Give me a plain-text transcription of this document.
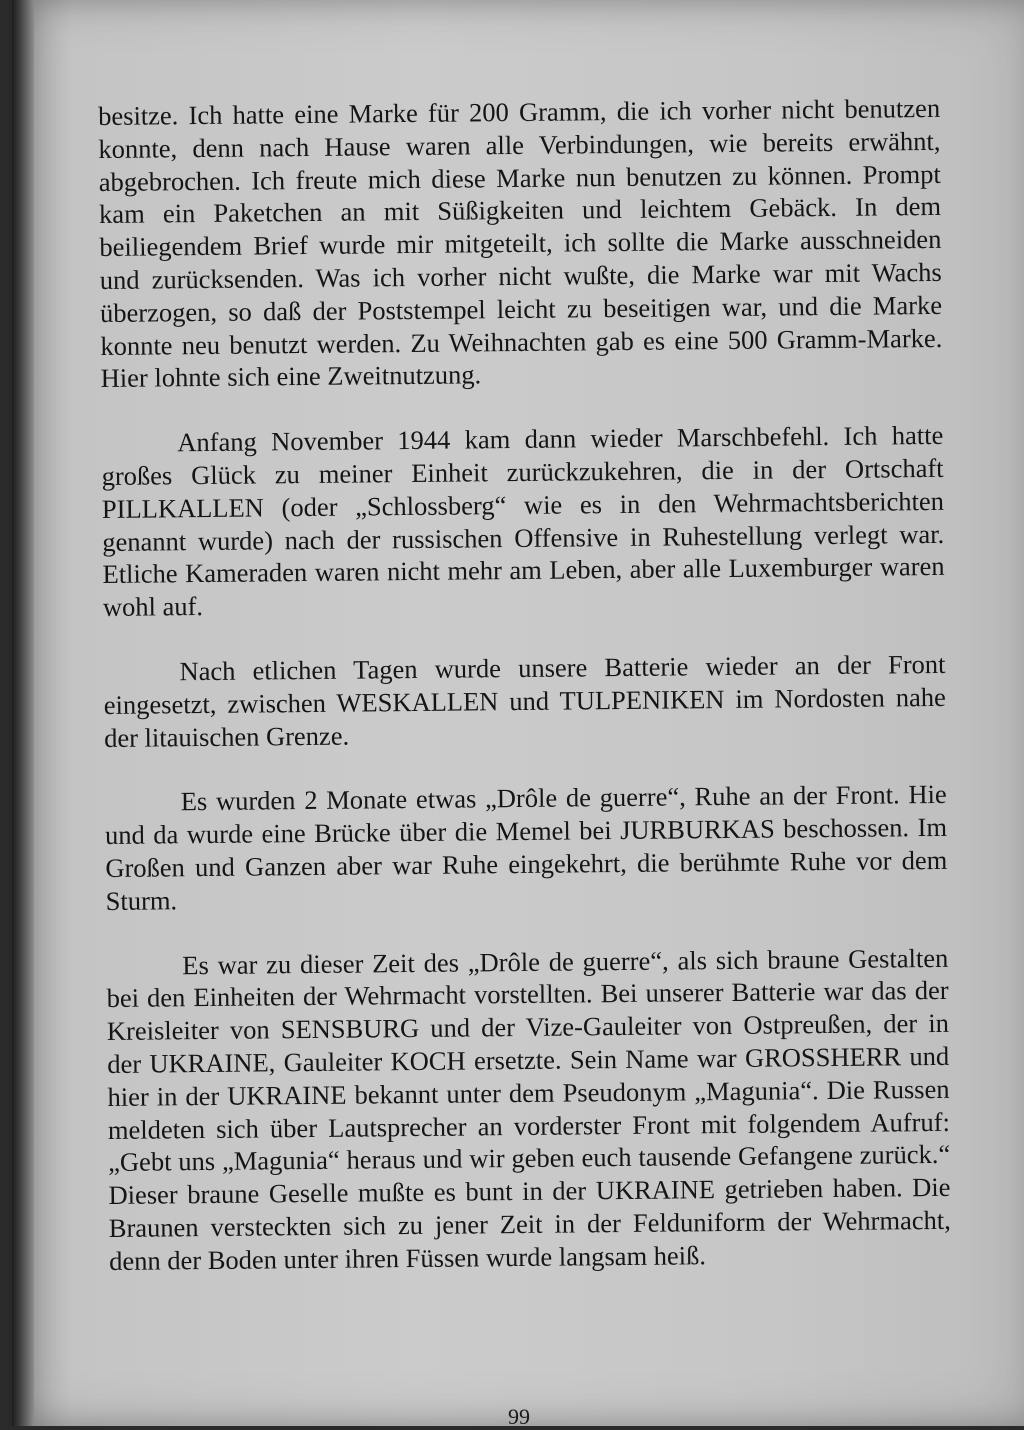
besitze. Ich hatte eine Marke für 200 Gramm, die ich vorher nicht benutzen konnte, denn nach Hause waren alle Verbindungen, wie bereits erwähnt, abgebrochen. Ich freute mich diese Marke nun benutzen zu können. Prompt kam ein Paketchen an mit Süßigkeiten und leichtem Gebäck. In dem beiliegendem Brief wurde mir mitgeteilt, ich sollte die Marke ausschneiden und zurücksenden. Was ich vorher nicht wußte, die Marke war mit Wachs überzogen, so daß der Poststempel leicht zu beseitigen war, und die Marke konnte neu benutzt werden. Zu Weihnachten gab es eine 500 Gramm-Marke. Hier lohnte sich eine Zweitnutzung.

Anfang November 1944 kam dann wieder Marschbefehl. Ich hatte großes Glück zu meiner Einheit zurückzukehren, die in der Ortschaft PILLKALLEN (oder „Schlossberg“ wie es in den Wehrmachtsberichten genannt wurde) nach der russischen Offensive in Ruhestellung verlegt war. Etliche Kameraden waren nicht mehr am Leben, aber alle Luxemburger waren wohl auf.

Nach etlichen Tagen wurde unsere Batterie wieder an der Front eingesetzt, zwischen WESKALLEN und TULPENIKEN im Nordosten nahe der litauischen Grenze.

Es wurden 2 Monate etwas „Drôle de guerre“, Ruhe an der Front. Hie und da wurde eine Brücke über die Memel bei JURBURKAS beschossen. Im Großen und Ganzen aber war Ruhe eingekehrt, die berühmte Ruhe vor dem Sturm.

Es war zu dieser Zeit des „Drôle de guerre“, als sich braune Gestalten bei den Einheiten der Wehrmacht vorstellten. Bei unserer Batterie war das der Kreisleiter von SENSBURG und der Vize-Gauleiter von Ostpreußen, der in der UKRAINE, Gauleiter KOCH ersetzte. Sein Name war GROSSHERR und hier in der UKRAINE bekannt unter dem Pseudonym „Magunia“. Die Russen meldeten sich über Lautsprecher an vorderster Front mit folgendem Aufruf: „Gebt uns „Magunia“ heraus und wir geben euch tausende Gefangene zurück.“ Dieser braune Geselle mußte es bunt in der UKRAINE getrieben haben. Die Braunen versteckten sich zu jener Zeit in der Felduniform der Wehrmacht, denn der Boden unter ihren Füssen wurde langsam heiß.

99
